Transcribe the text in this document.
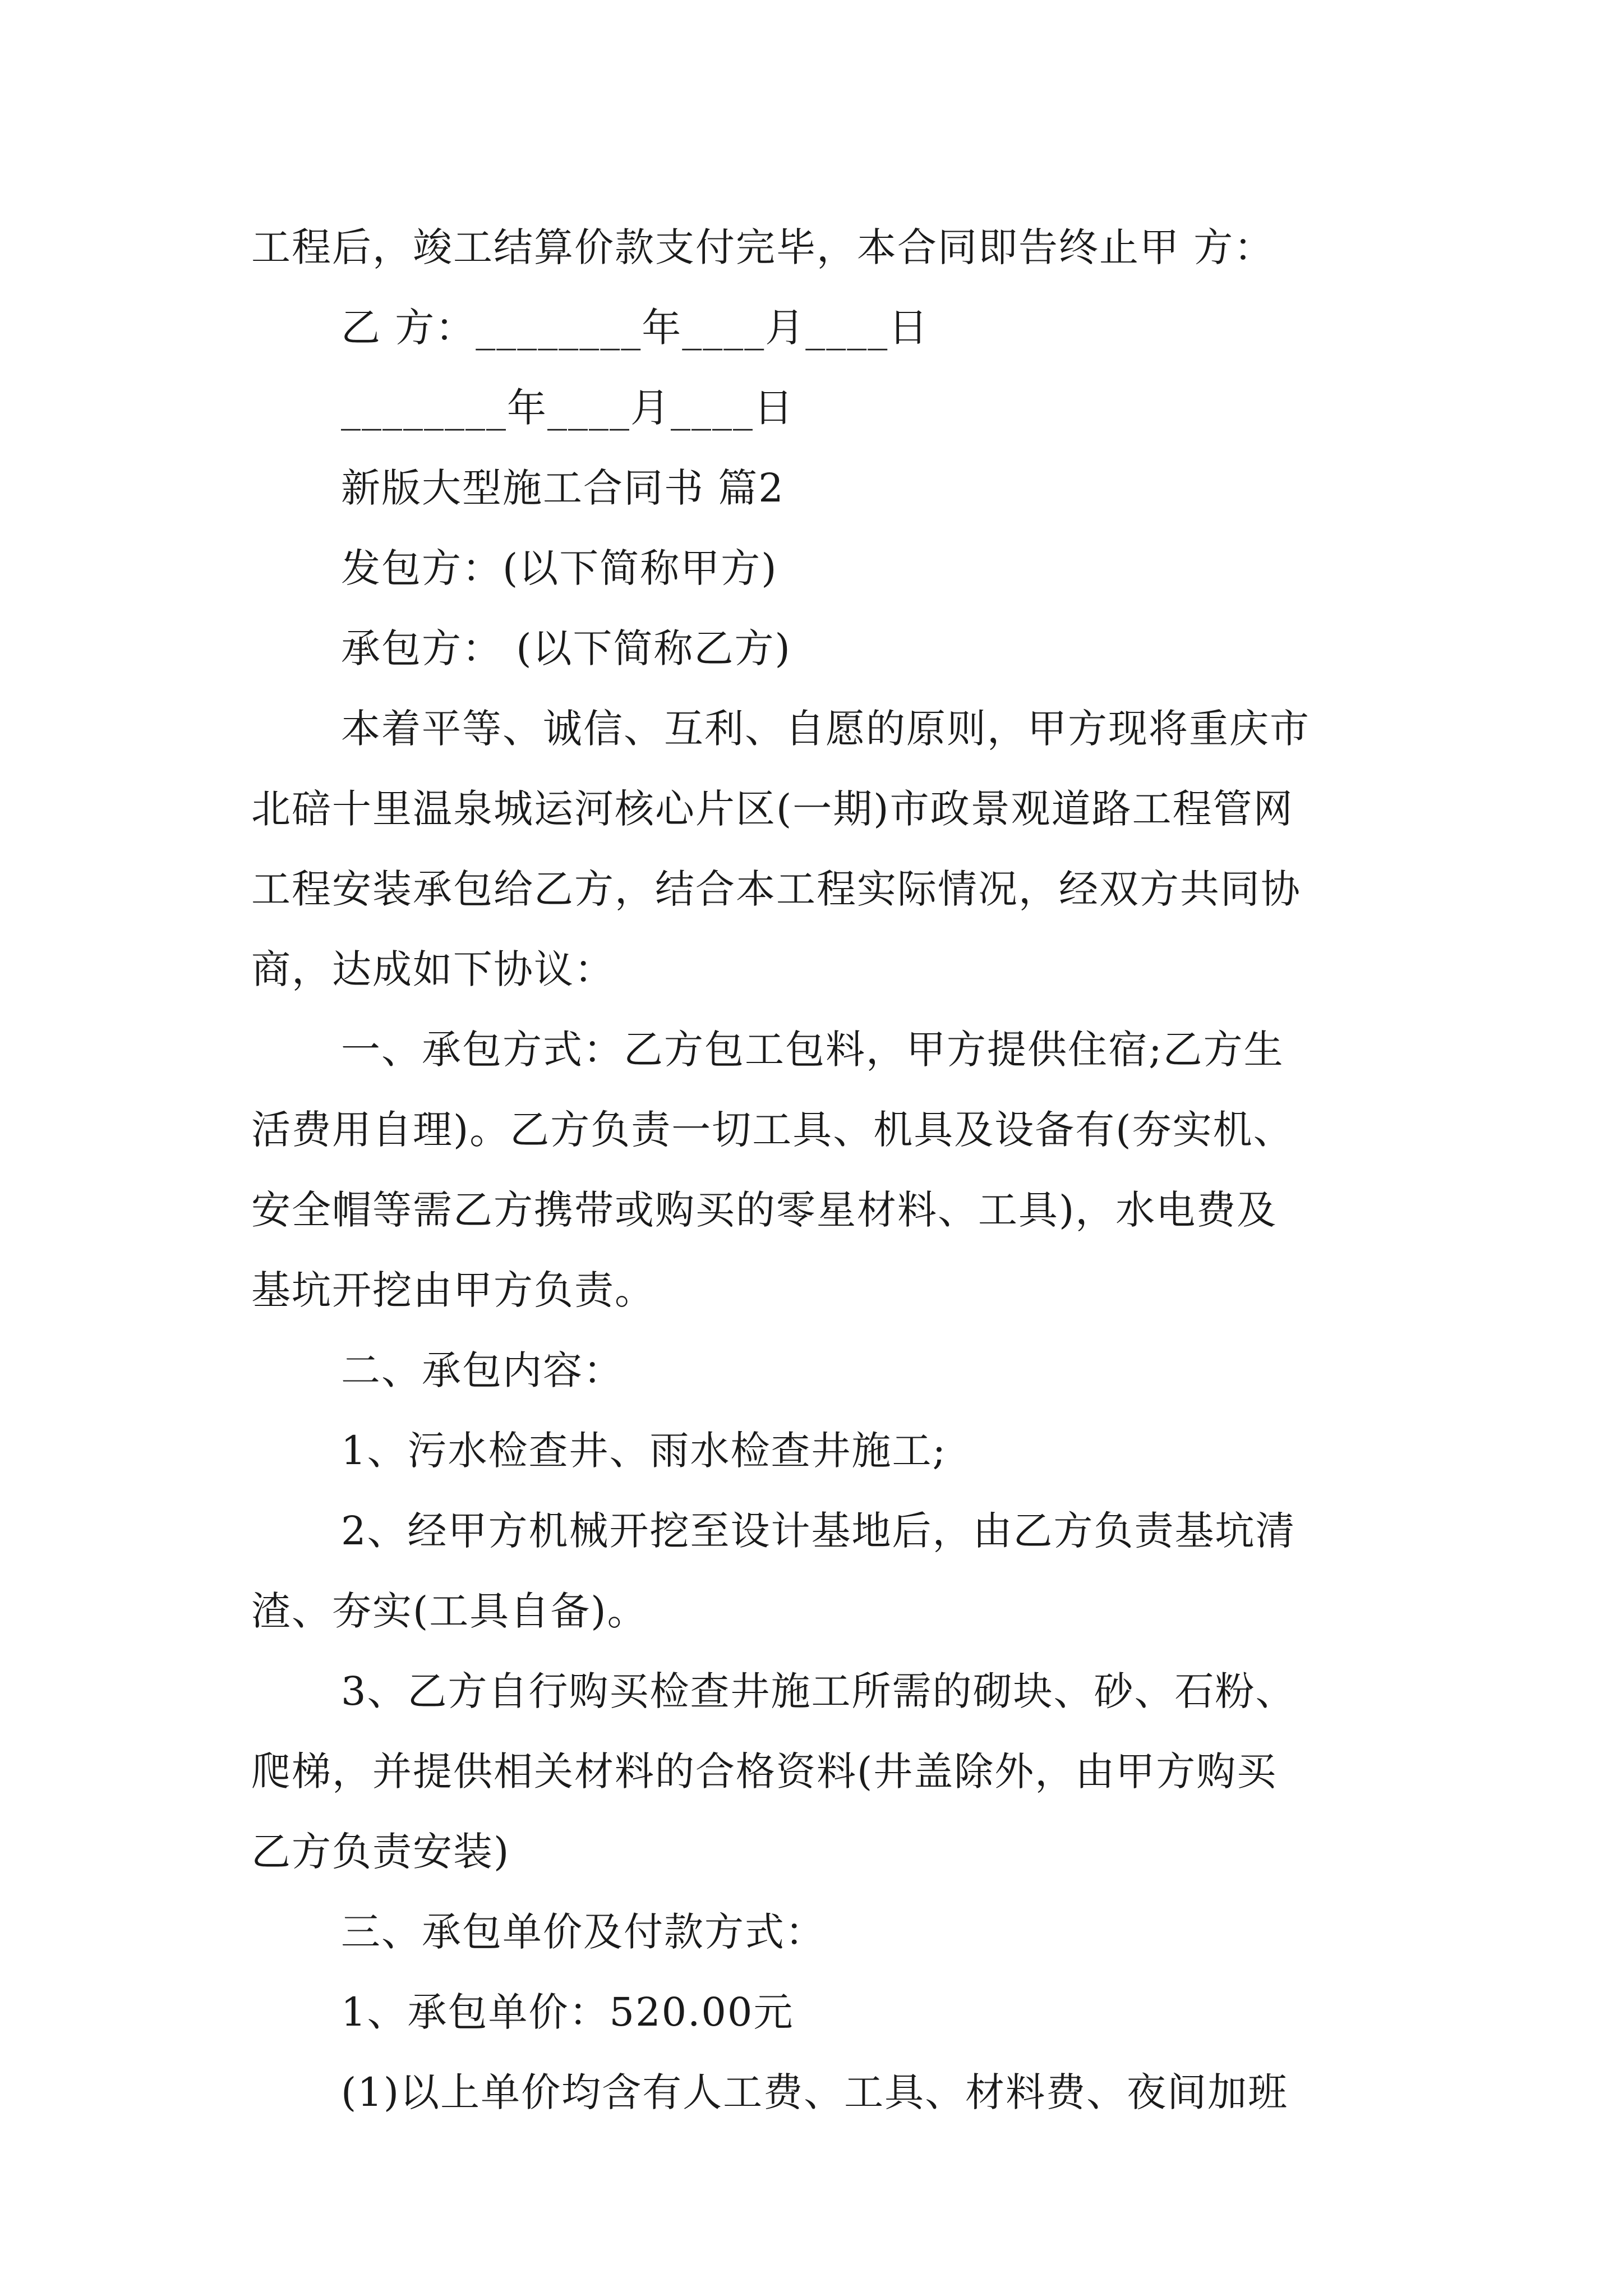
工程后，竣工结算价款支付完毕，本合同即告终止甲 方：
乙 方：________年____月____日
________年____月____日
新版大型施工合同书 篇2
发包方：(以下简称甲方)
承包方： (以下简称乙方)
本着平等、诚信、互利、自愿的原则，甲方现将重庆市
北碚十里温泉城运河核心片区(一期)市政景观道路工程管网
工程安装承包给乙方，结合本工程实际情况，经双方共同协
商，达成如下协议：
一、承包方式：乙方包工包料，甲方提供住宿;乙方生
活费用自理)。乙方负责一切工具、机具及设备有(夯实机、
安全帽等需乙方携带或购买的零星材料、工具)，水电费及
基坑开挖由甲方负责。
二、承包内容：
1、污水检查井、雨水检查井施工;
2、经甲方机械开挖至设计基地后，由乙方负责基坑清
渣、夯实(工具自备)。
3、乙方自行购买检查井施工所需的砌块、砂、石粉、
爬梯，并提供相关材料的合格资料(井盖除外，由甲方购买
乙方负责安装)
三、承包单价及付款方式：
1、承包单价：520.00元
(1)以上单价均含有人工费、工具、材料费、夜间加班
